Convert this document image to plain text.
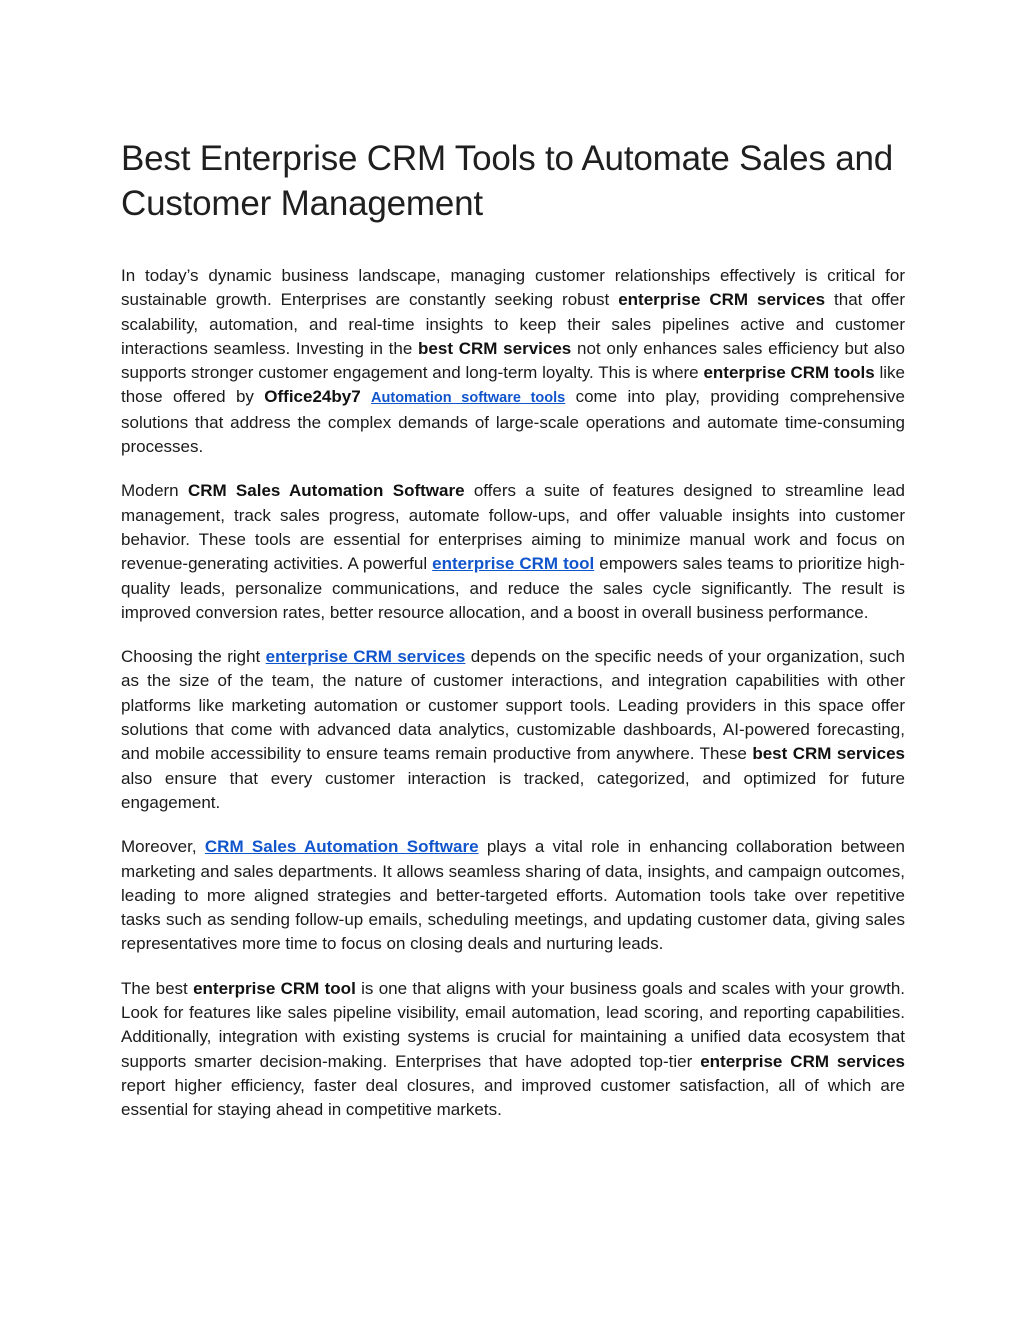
Best Enterprise CRM Tools to Automate Sales and Customer Management

In today’s dynamic business landscape, managing customer relationships effectively is critical for sustainable growth. Enterprises are constantly seeking robust enterprise CRM services that offer scalability, automation, and real-time insights to keep their sales pipelines active and customer interactions seamless. Investing in the best CRM services not only enhances sales efficiency but also supports stronger customer engagement and long-term loyalty. This is where enterprise CRM tools like those offered by Office24by7 Automation software tools come into play, providing comprehensive solutions that address the complex demands of large-scale operations and automate time-consuming processes.

Modern CRM Sales Automation Software offers a suite of features designed to streamline lead management, track sales progress, automate follow-ups, and offer valuable insights into customer behavior. These tools are essential for enterprises aiming to minimize manual work and focus on revenue-generating activities. A powerful enterprise CRM tool empowers sales teams to prioritize high-quality leads, personalize communications, and reduce the sales cycle significantly. The result is improved conversion rates, better resource allocation, and a boost in overall business performance.

Choosing the right enterprise CRM services depends on the specific needs of your organization, such as the size of the team, the nature of customer interactions, and integration capabilities with other platforms like marketing automation or customer support tools. Leading providers in this space offer solutions that come with advanced data analytics, customizable dashboards, AI-powered forecasting, and mobile accessibility to ensure teams remain productive from anywhere. These best CRM services also ensure that every customer interaction is tracked, categorized, and optimized for future engagement.

Moreover, CRM Sales Automation Software plays a vital role in enhancing collaboration between marketing and sales departments. It allows seamless sharing of data, insights, and campaign outcomes, leading to more aligned strategies and better-targeted efforts. Automation tools take over repetitive tasks such as sending follow-up emails, scheduling meetings, and updating customer data, giving sales representatives more time to focus on closing deals and nurturing leads.

The best enterprise CRM tool is one that aligns with your business goals and scales with your growth. Look for features like sales pipeline visibility, email automation, lead scoring, and reporting capabilities. Additionally, integration with existing systems is crucial for maintaining a unified data ecosystem that supports smarter decision-making. Enterprises that have adopted top-tier enterprise CRM services report higher efficiency, faster deal closures, and improved customer satisfaction, all of which are essential for staying ahead in competitive markets.
